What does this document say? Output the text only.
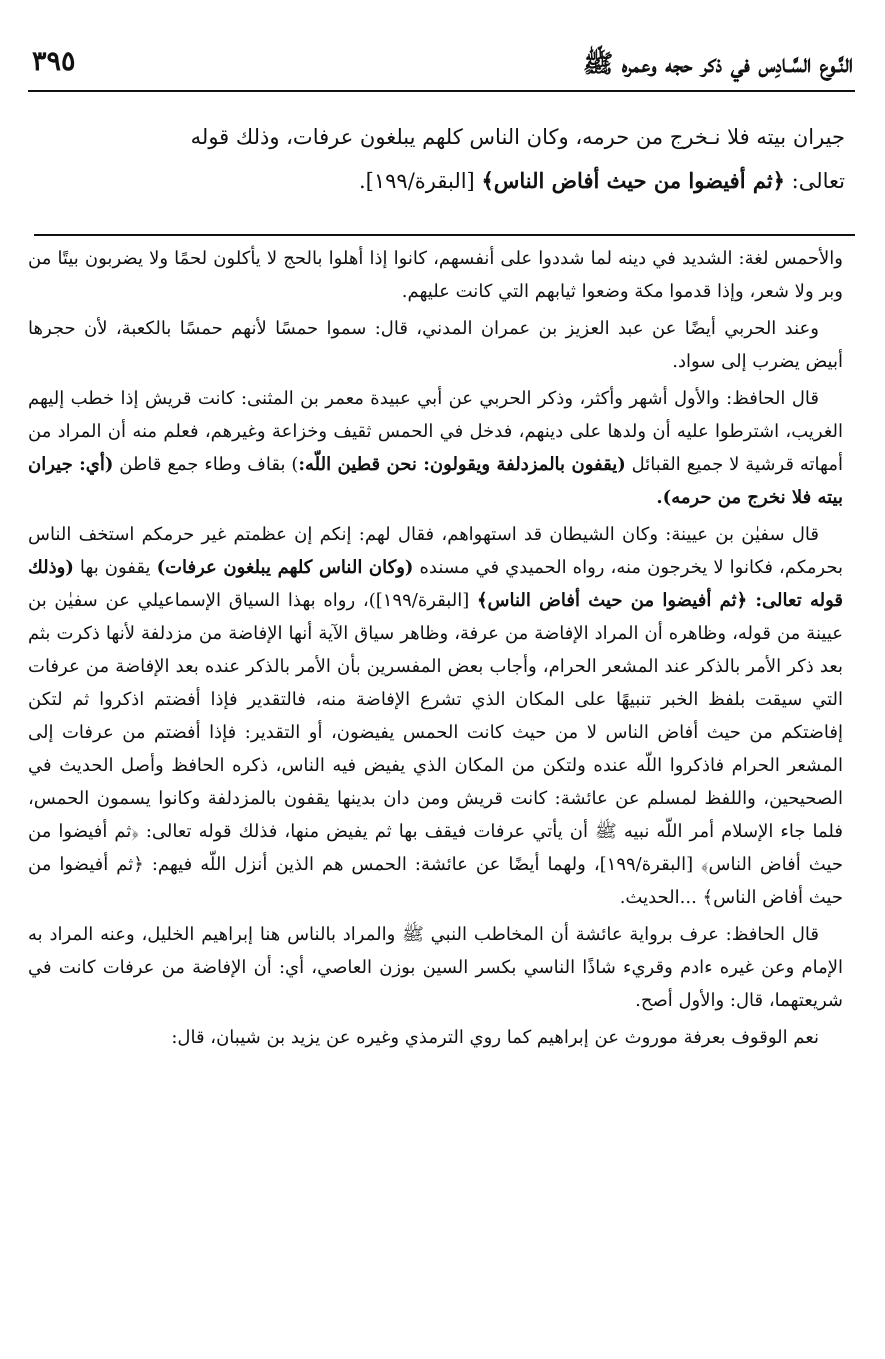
النَّـوع السَّـادِس في ذكر حجه وعمره ﷺ
٣٩٥

جيران بيته فلا نـخرج من حرمه، وكان الناس كلهم يبلغون عرفات، وذلك قوله

تعالى: ﴿ثم أفيضوا من حيث أفاض الناس﴾ [البقرة/١٩٩].

والأحمس لغة: الشديد في دينه لما شددوا على أنفسهم، كانوا إذا أهلوا بالحج لا يأكلون لحمًا ولا يضربون بيتًا من وبر ولا شعر، وإذا قدموا مكة وضعوا ثيابهم التي كانت عليهم.

وعند الحربي أيضًا عن عبد العزيز بن عمران المدني، قال: سموا حمسًا لأنهم حمسًا بالكعبة، لأن حجرها أبيض يضرب إلى سواد.

قال الحافظ: والأول أشهر وأكثر، وذكر الحربي عن أبي عبيدة معمر بن المثنى: كانت قريش إذا خطب إليهم الغريب، اشترطوا عليه أن ولدها على دينهم، فدخل في الحمس ثقيف وخزاعة وغيرهم، فعلم منه أن المراد من أمهاته قرشية لا جميع القبائل (يقفون بالمزدلفة ويقولون: نحن قطين اللّه:) بقاف وطاء جمع قاطن (أي: جيران بيته فلا نخرج من حرمه).

قال سفيٰن بن عيينة: وكان الشيطان قد استهواهم، فقال لهم: إنكم إن عظمتم غير حرمكم استخف الناس بحرمكم، فكانوا لا يخرجون منه، رواه الحميدي في مسنده (وكان الناس كلهم يبلغون عرفات) يقفون بها (وذلك قوله تعالى: ﴿ثم أفيضوا من حيث أفاض الناس﴾ [البقرة/١٩٩])، رواه بهذا السياق الإسماعيلي عن سفيٰن بن عيينة من قوله، وظاهره أن المراد الإفاضة من عرفة، وظاهر سياق الآية أنها الإفاضة من مزدلفة لأنها ذكرت بثم بعد ذكر الأمر بالذكر عند المشعر الحرام، وأجاب بعض المفسرين بأن الأمر بالذكر عنده بعد الإفاضة من عرفات التي سيقت بلفظ الخبر تنبيهًا على المكان الذي تشرع الإفاضة منه، فالتقدير فإذا أفضتم اذكروا ثم لتكن إفاضتكم من حيث أفاض الناس لا من حيث كانت الحمس يفيضون، أو التقدير: فإذا أفضتم من عرفات إلى المشعر الحرام فاذكروا اللّه عنده ولتكن من المكان الذي يفيض فيه الناس، ذكره الحافظ وأصل الحديث في الصحيحين، واللفظ لمسلم عن عائشة: كانت قريش ومن دان بدينها يقفون بالمزدلفة وكانوا يسمون الحمس، فلما جاء الإسلام أمر اللّه نبيه ﷺ أن يأتي عرفات فيقف بها ثم يفيض منها، فذلك قوله تعالى: ﴿ثم أفيضوا من حيث أفاض الناس﴾ [البقرة/١٩٩]، ولهما أيضًا عن عائشة: الحمس هم الذين أنزل اللّه فيهم: ﴿ثم أفيضوا من حيث أفاض الناس﴾ ...الحديث.

قال الحافظ: عرف برواية عائشة أن المخاطب النبي ﷺ والمراد بالناس هنا إبراهيم الخليل، وعنه المراد به الإمام وعن غيره ءادم وقريء شاذًا الناسي بكسر السين بوزن العاصي، أي: أن الإفاضة من عرفات كانت في شريعتهما، قال: والأول أصح.

نعم الوقوف بعرفة موروث عن إبراهيم كما روي الترمذي وغيره عن يزيد بن شيبان، قال:
